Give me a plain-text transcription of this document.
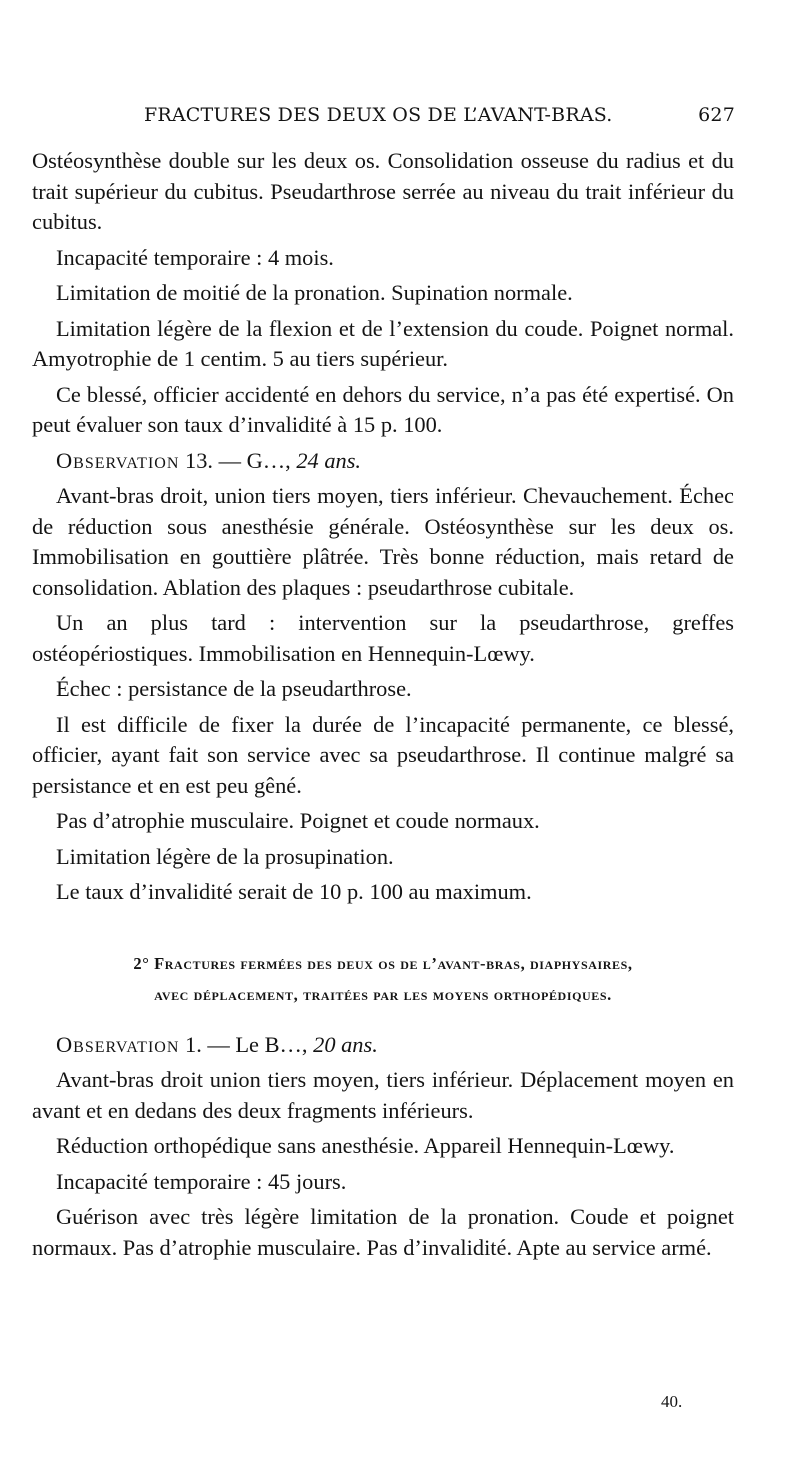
FRACTURES DES DEUX OS DE L’AVANT-BRAS.	627

Ostéosynthèse double sur les deux os. Consolidation osseuse du radius et du trait supérieur du cubitus. Pseudarthrose serrée au niveau du trait inférieur du cubitus.

Incapacité temporaire : 4 mois.

Limitation de moitié de la pronation. Supination normale.

Limitation légère de la flexion et de l’extension du coude. Poignet normal. Amyotrophie de 1 centim. 5 au tiers supérieur.

Ce blessé, officier accidenté en dehors du service, n’a pas été expertisé. On peut évaluer son taux d’invalidité à 15 p. 100.

Observation 13. — G…, 24 ans.

Avant-bras droit, union tiers moyen, tiers inférieur. Chevauchement. Échec de réduction sous anesthésie générale. Ostéosynthèse sur les deux os. Immobilisation en gouttière plâtrée. Très bonne réduction, mais retard de consolidation. Ablation des plaques : pseudarthrose cubitale.

Un an plus tard : intervention sur la pseudarthrose, greffes ostéopériostiques. Immobilisation en Hennequin-Lœwy.

Échec : persistance de la pseudarthrose.

Il est difficile de fixer la durée de l’incapacité permanente, ce blessé, officier, ayant fait son service avec sa pseudarthrose. Il continue malgré sa persistance et en est peu gêné.

Pas d’atrophie musculaire. Poignet et coude normaux.

Limitation légère de la prosupination.

Le taux d’invalidité serait de 10 p. 100 au maximum.

2° Fractures fermées des deux os de l’avant-bras, diaphysaires,
avec déplacement, traitées par les moyens orthopédiques.

Observation 1. — Le B…, 20 ans.

Avant-bras droit union tiers moyen, tiers inférieur. Déplacement moyen en avant et en dedans des deux fragments inférieurs.

Réduction orthopédique sans anesthésie. Appareil Hennequin-Lœwy.

Incapacité temporaire : 45 jours.

Guérison avec très légère limitation de la pronation. Coude et poignet normaux. Pas d’atrophie musculaire. Pas d’invalidité. Apte au service armé.

40.
